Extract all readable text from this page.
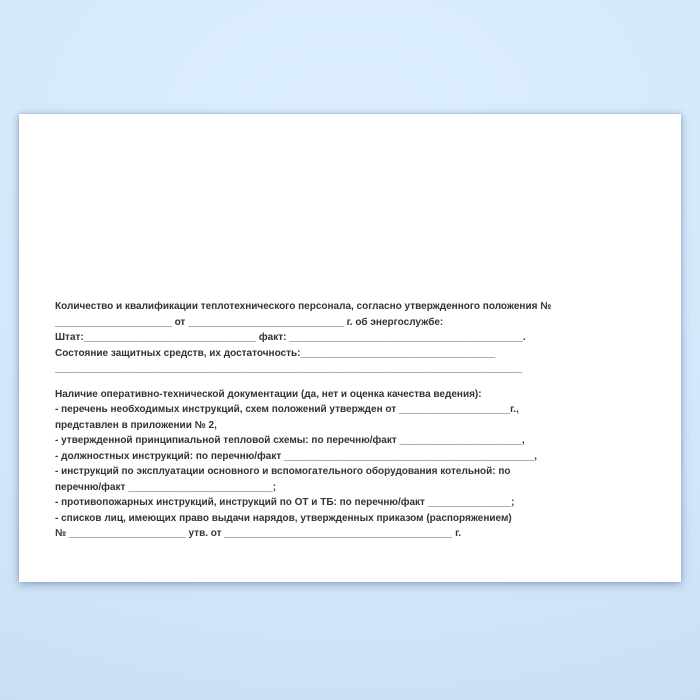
Количество и квалификации теплотехнического персонала, согласно утвержденного положения №
_____________________ от ____________________________ г. об энергослужбе:
Штат:_______________________________ факт: __________________________________________.
Состояние защитных средств, их достаточность:___________________________________
____________________________________________________________________________________
Наличие оперативно-технической документации (да, нет и оценка качества ведения):
- перечень необходимых инструкций, схем положений утвержден от ____________________г.,
представлен в приложении № 2,
- утвержденной принципиальной тепловой схемы: по перечню/факт ______________________,
- должностных инструкций: по перечню/факт _____________________________________________,
- инструкций по эксплуатации основного и вспомогательного оборудования котельной: по
перечню/факт __________________________;
- противопожарных инструкций, инструкций по ОТ и ТБ: по перечню/факт _______________;
- списков лиц, имеющих право выдачи нарядов, утвержденных приказом (распоряжением)
№ _____________________ утв. от _________________________________________ г.
